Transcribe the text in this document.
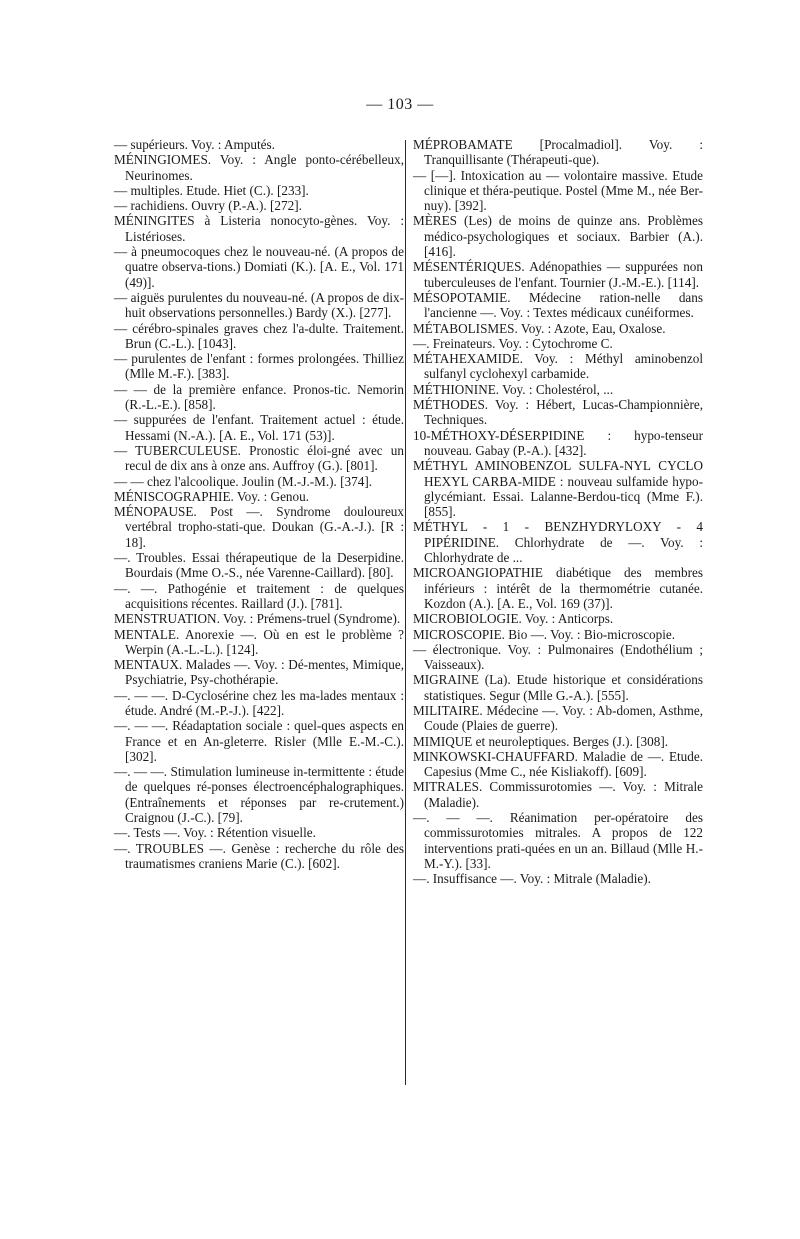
— 103 —

— supérieurs. Voy. : Amputés.

MÉNINGIOMES. Voy. : Angle ponto-cérébelleux, Neurinomes.

— multiples. Etude. Hiet (C.). [233].

— rachidiens. Ouvry (P.-A.). [272].

MÉNINGITES à Listeria nonocyto-gènes. Voy. : Listérioses.

— à pneumocoques chez le nouveau-né. (A propos de quatre observa-tions.) Domiati (K.). [A. E., Vol. 171 (49)].

— aiguës purulentes du nouveau-né. (A propos de dix-huit observations personnelles.) Bardy (X.). [277].

— cérébro-spinales graves chez l'a-dulte. Traitement. Brun (C.-L.). [1043].

— purulentes de l'enfant : formes prolongées. Thilliez (Mlle M.-F.). [383].

— — de la première enfance. Pronos-tic. Nemorin (R.-L.-E.). [858].

— suppurées de l'enfant. Traitement actuel : étude. Hessami (N.-A.). [A. E., Vol. 171 (53)].

— TUBERCULEUSE. Pronostic éloi-gné avec un recul de dix ans à onze ans. Auffroy (G.). [801].

— — chez l'alcoolique. Joulin (M.-J.-M.). [374].

MÉNISCOGRAPHIE. Voy. : Genou.

MÉNOPAUSE. Post —. Syndrome douloureux vertébral tropho-stati-que. Doukan (G.-A.-J.). [R : 18].

—. Troubles. Essai thérapeutique de la Deserpidine. Bourdais (Mme O.-S., née Varenne-Caillard). [80].

—. —. Pathogénie et traitement : de quelques acquisitions récentes. Raillard (J.). [781].

MENSTRUATION. Voy. : Prémens-truel (Syndrome).

MENTALE. Anorexie —. Où en est le problème ? Werpin (A.-L.-L.). [124].

MENTAUX. Malades —. Voy. : Dé-mentes, Mimique, Psychiatrie, Psy-chothérapie.

—. — —. D-Cyclosérine chez les ma-lades mentaux : étude. André (M.-P.-J.). [422].

—. — —. Réadaptation sociale : quel-ques aspects en France et en An-gleterre. Risler (Mlle E.-M.-C.). [302].

—. — —. Stimulation lumineuse in-termittente : étude de quelques ré-ponses électroencéphalographiques. (Entraînements et réponses par re-crutement.) Craignou (J.-C.). [79].

—. Tests —. Voy. : Rétention visuelle.

—. TROUBLES —. Genèse : recherche du rôle des traumatismes craniens Marie (C.). [602].

MÉPROBAMATE [Procalmadiol]. Voy. : Tranquillisante (Thérapeuti-que).

— [—]. Intoxication au — volontaire massive. Etude clinique et théra-peutique. Postel (Mme M., née Ber-nuy). [392].

MÈRES (Les) de moins de quinze ans. Problèmes médico-psychologiques et sociaux. Barbier (A.). [416].

MÉSENTÉRIQUES. Adénopathies — suppurées non tuberculeuses de l'enfant. Tournier (J.-M.-E.). [114].

MÉSOPOTAMIE. Médecine ration-nelle dans l'ancienne —. Voy. : Textes médicaux cunéiformes.

MÉTABOLISMES. Voy. : Azote, Eau, Oxalose.

—. Freinateurs. Voy. : Cytochrome C.

MÉTAHEXAMIDE. Voy. : Méthyl aminobenzol sulfanyl cyclohexyl carbamide.

MÉTHIONINE. Voy. : Cholestérol, ...

MÉTHODES. Voy. : Hébert, Lucas-Championnière, Techniques.

10-MÉTHOXY-DÉSERPIDINE : hypo-tenseur nouveau. Gabay (P.-A.). [432].

MÉTHYL AMINOBENZOL SULFA-NYL CYCLO HEXYL CARBA-MIDE : nouveau sulfamide hypo-glycémiant. Essai. Lalanne-Berdou-ticq (Mme F.). [855].

MÉTHYL - 1 - BENZHYDRYLOXY - 4 PIPÉRIDINE. Chlorhydrate de —. Voy. : Chlorhydrate de ...

MICROANGIOPATHIE diabétique des membres inférieurs : intérêt de la thermométrie cutanée. Kozdon (A.). [A. E., Vol. 169 (37)].

MICROBIOLOGIE. Voy. : Anticorps.

MICROSCOPIE. Bio —. Voy. : Bio-microscopie.

— électronique. Voy. : Pulmonaires (Endothélium ; Vaisseaux).

MIGRAINE (La). Etude historique et considérations statistiques. Segur (Mlle G.-A.). [555].

MILITAIRE. Médecine —. Voy. : Ab-domen, Asthme, Coude (Plaies de guerre).

MIMIQUE et neuroleptiques. Berges (J.). [308].

MINKOWSKI-CHAUFFARD. Maladie de —. Etude. Capesius (Mme C., née Kisliakoff). [609].

MITRALES. Commissurotomies —. Voy. : Mitrale (Maladie).

—. — —. Réanimation per-opératoire des commissurotomies mitrales. A propos de 122 interventions prati-quées en un an. Billaud (Mlle H.-M.-Y.). [33].

—. Insuffisance —. Voy. : Mitrale (Maladie).
